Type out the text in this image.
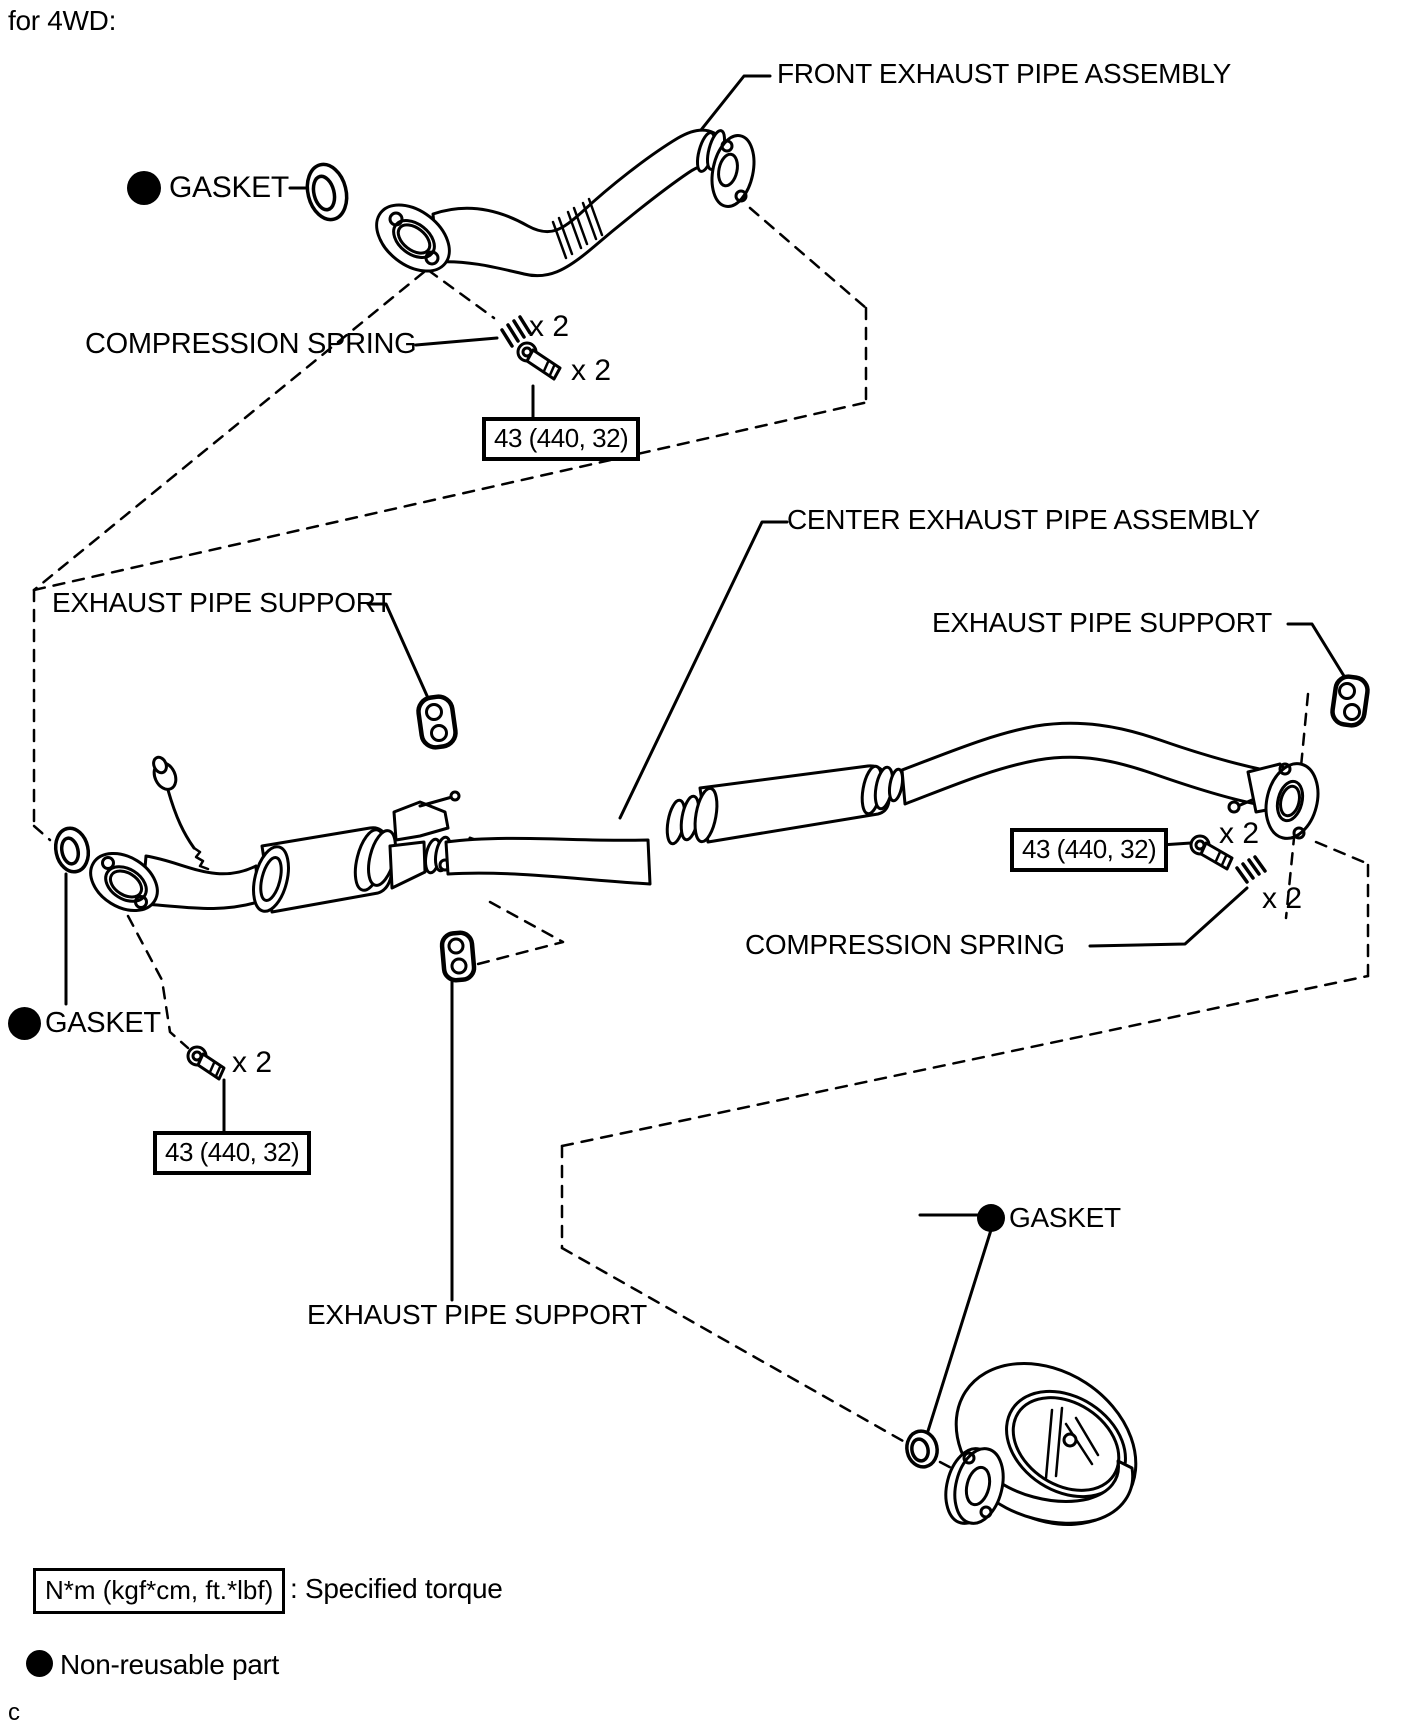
for 4WD:
FRONT EXHAUST PIPE ASSEMBLY
GASKET
COMPRESSION SPRING
x 2
x 2
43 (440, 32)
CENTER EXHAUST PIPE ASSEMBLY
EXHAUST PIPE SUPPORT
EXHAUST PIPE SUPPORT
43 (440, 32)	x 2
x 2
COMPRESSION SPRING
GASKET
x 2
43 (440, 32)
EXHAUST PIPE SUPPORT
GASKET
N*m (kgf*cm, ft.*lbf) : Specified torque
Non-reusable part
c
